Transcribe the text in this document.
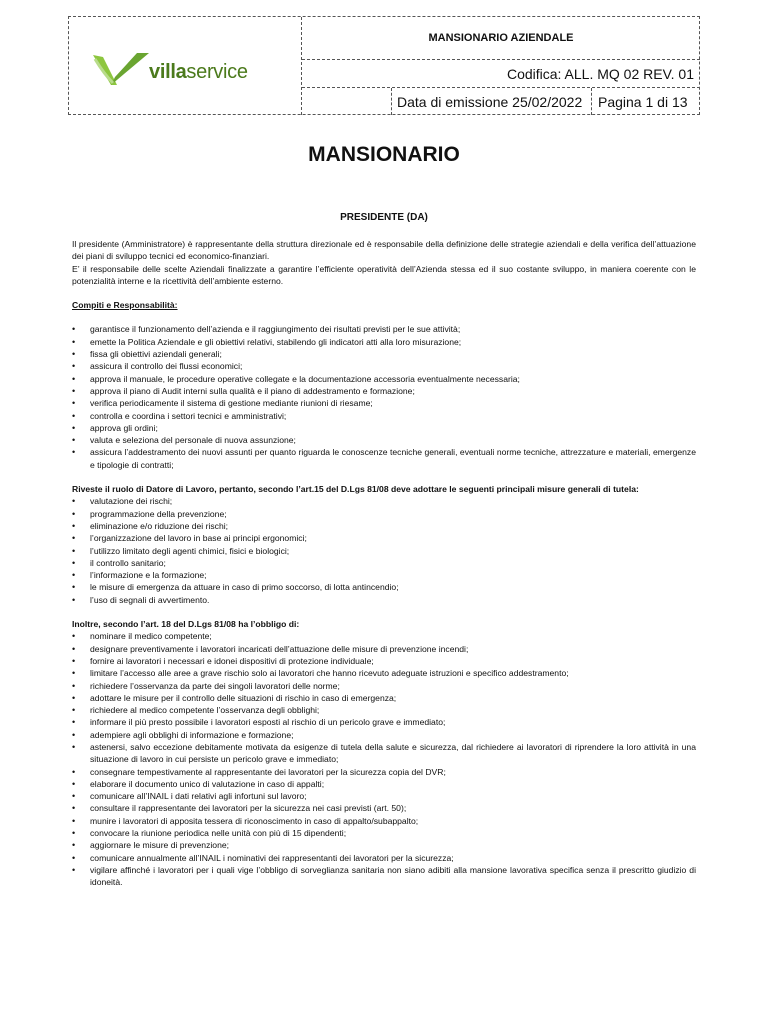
villaservice
MANSIONARIO AZIENDALE
Codifica: ALL. MQ 02 REV. 01
Data di emissione 25/02/2022 Pagina 1 di 13
MANSIONARIO
PRESIDENTE (DA)

Il presidente (Amministratore) è rappresentante della struttura direzionale ed è responsabile della definizione delle strategie aziendali e della verifica dell’attuazione dei piani di sviluppo tecnici ed economico-finanziari.

E’ il responsabile delle scelte Aziendali finalizzate a garantire l’efficiente operatività dell’Azienda stessa ed il suo costante sviluppo, in maniera coerente con le potenzialità interne e la ricettività dell’ambiente esterno.

Compiti e Responsabilità:

• garantisce il funzionamento dell’azienda e il raggiungimento dei risultati previsti per le sue attività;
• emette la Politica Aziendale e gli obiettivi relativi, stabilendo gli indicatori atti alla loro misurazione;
• fissa gli obiettivi aziendali generali;
• assicura il controllo dei flussi economici;
• approva il manuale, le procedure operative collegate e la documentazione accessoria eventualmente necessaria;
• approva il piano di Audit interni sulla qualità e il piano di addestramento e formazione;
• verifica periodicamente il sistema di gestione mediante riunioni di riesame;
• controlla e coordina i settori tecnici e amministrativi;
• approva gli ordini;
• valuta e seleziona del personale di nuova assunzione;
• assicura l’addestramento dei nuovi assunti per quanto riguarda le conoscenze tecniche generali, eventuali norme tecniche, attrezzature e materiali, emergenze e tipologie di contratti;

Riveste il ruolo di Datore di Lavoro, pertanto, secondo l’art.15 del D.Lgs 81/08 deve adottare le seguenti principali misure generali di tutela:

• valutazione dei rischi;
• programmazione della prevenzione;
• eliminazione e/o riduzione dei rischi;
• l’organizzazione del lavoro in base ai principi ergonomici;
• l’utilizzo limitato degli agenti chimici, fisici e biologici;
• il controllo sanitario;
• l’informazione e la formazione;
• le misure di emergenza da attuare in caso di primo soccorso, di lotta antincendio;
• l’uso di segnali di avvertimento.

Inoltre, secondo l’art. 18 del D.Lgs 81/08 ha l’obbligo di:

• nominare il medico competente;
• designare preventivamente i lavoratori incaricati dell’attuazione delle misure di prevenzione incendi;
• fornire ai lavoratori i necessari e idonei dispositivi di protezione individuale;
• limitare l’accesso alle aree a grave rischio solo ai lavoratori che hanno ricevuto adeguate istruzioni e specifico addestramento;
• richiedere l’osservanza da parte dei singoli lavoratori delle norme;
• adottare le misure per il controllo delle situazioni di rischio in caso di emergenza;
• richiedere al medico competente l’osservanza degli obblighi;
• informare il più presto possibile i lavoratori esposti al rischio di un pericolo grave e immediato;
• adempiere agli obblighi di informazione e formazione;
• astenersi, salvo eccezione debitamente motivata da esigenze di tutela della salute e sicurezza, dal richiedere ai lavoratori di riprendere la loro attività in una situazione di lavoro in cui persiste un pericolo grave e immediato;
• consegnare tempestivamente al rappresentante dei lavoratori per la sicurezza copia del DVR;
• elaborare il documento unico di valutazione in caso di appalti;
• comunicare all’INAIL i dati relativi agli infortuni sul lavoro;
• consultare il rappresentante dei lavoratori per la sicurezza nei casi previsti (art. 50);
• munire i lavoratori di apposita tessera di riconoscimento in caso di appalto/subappalto;
• convocare la riunione periodica nelle unità con più di 15 dipendenti;
• aggiornare le misure di prevenzione;
• comunicare annualmente all’INAIL i nominativi dei rappresentanti dei lavoratori per la sicurezza;
• vigilare affinché i lavoratori per i quali vige l’obbligo di sorveglianza sanitaria non siano adibiti alla mansione lavorativa specifica senza il prescritto giudizio di idoneità.
